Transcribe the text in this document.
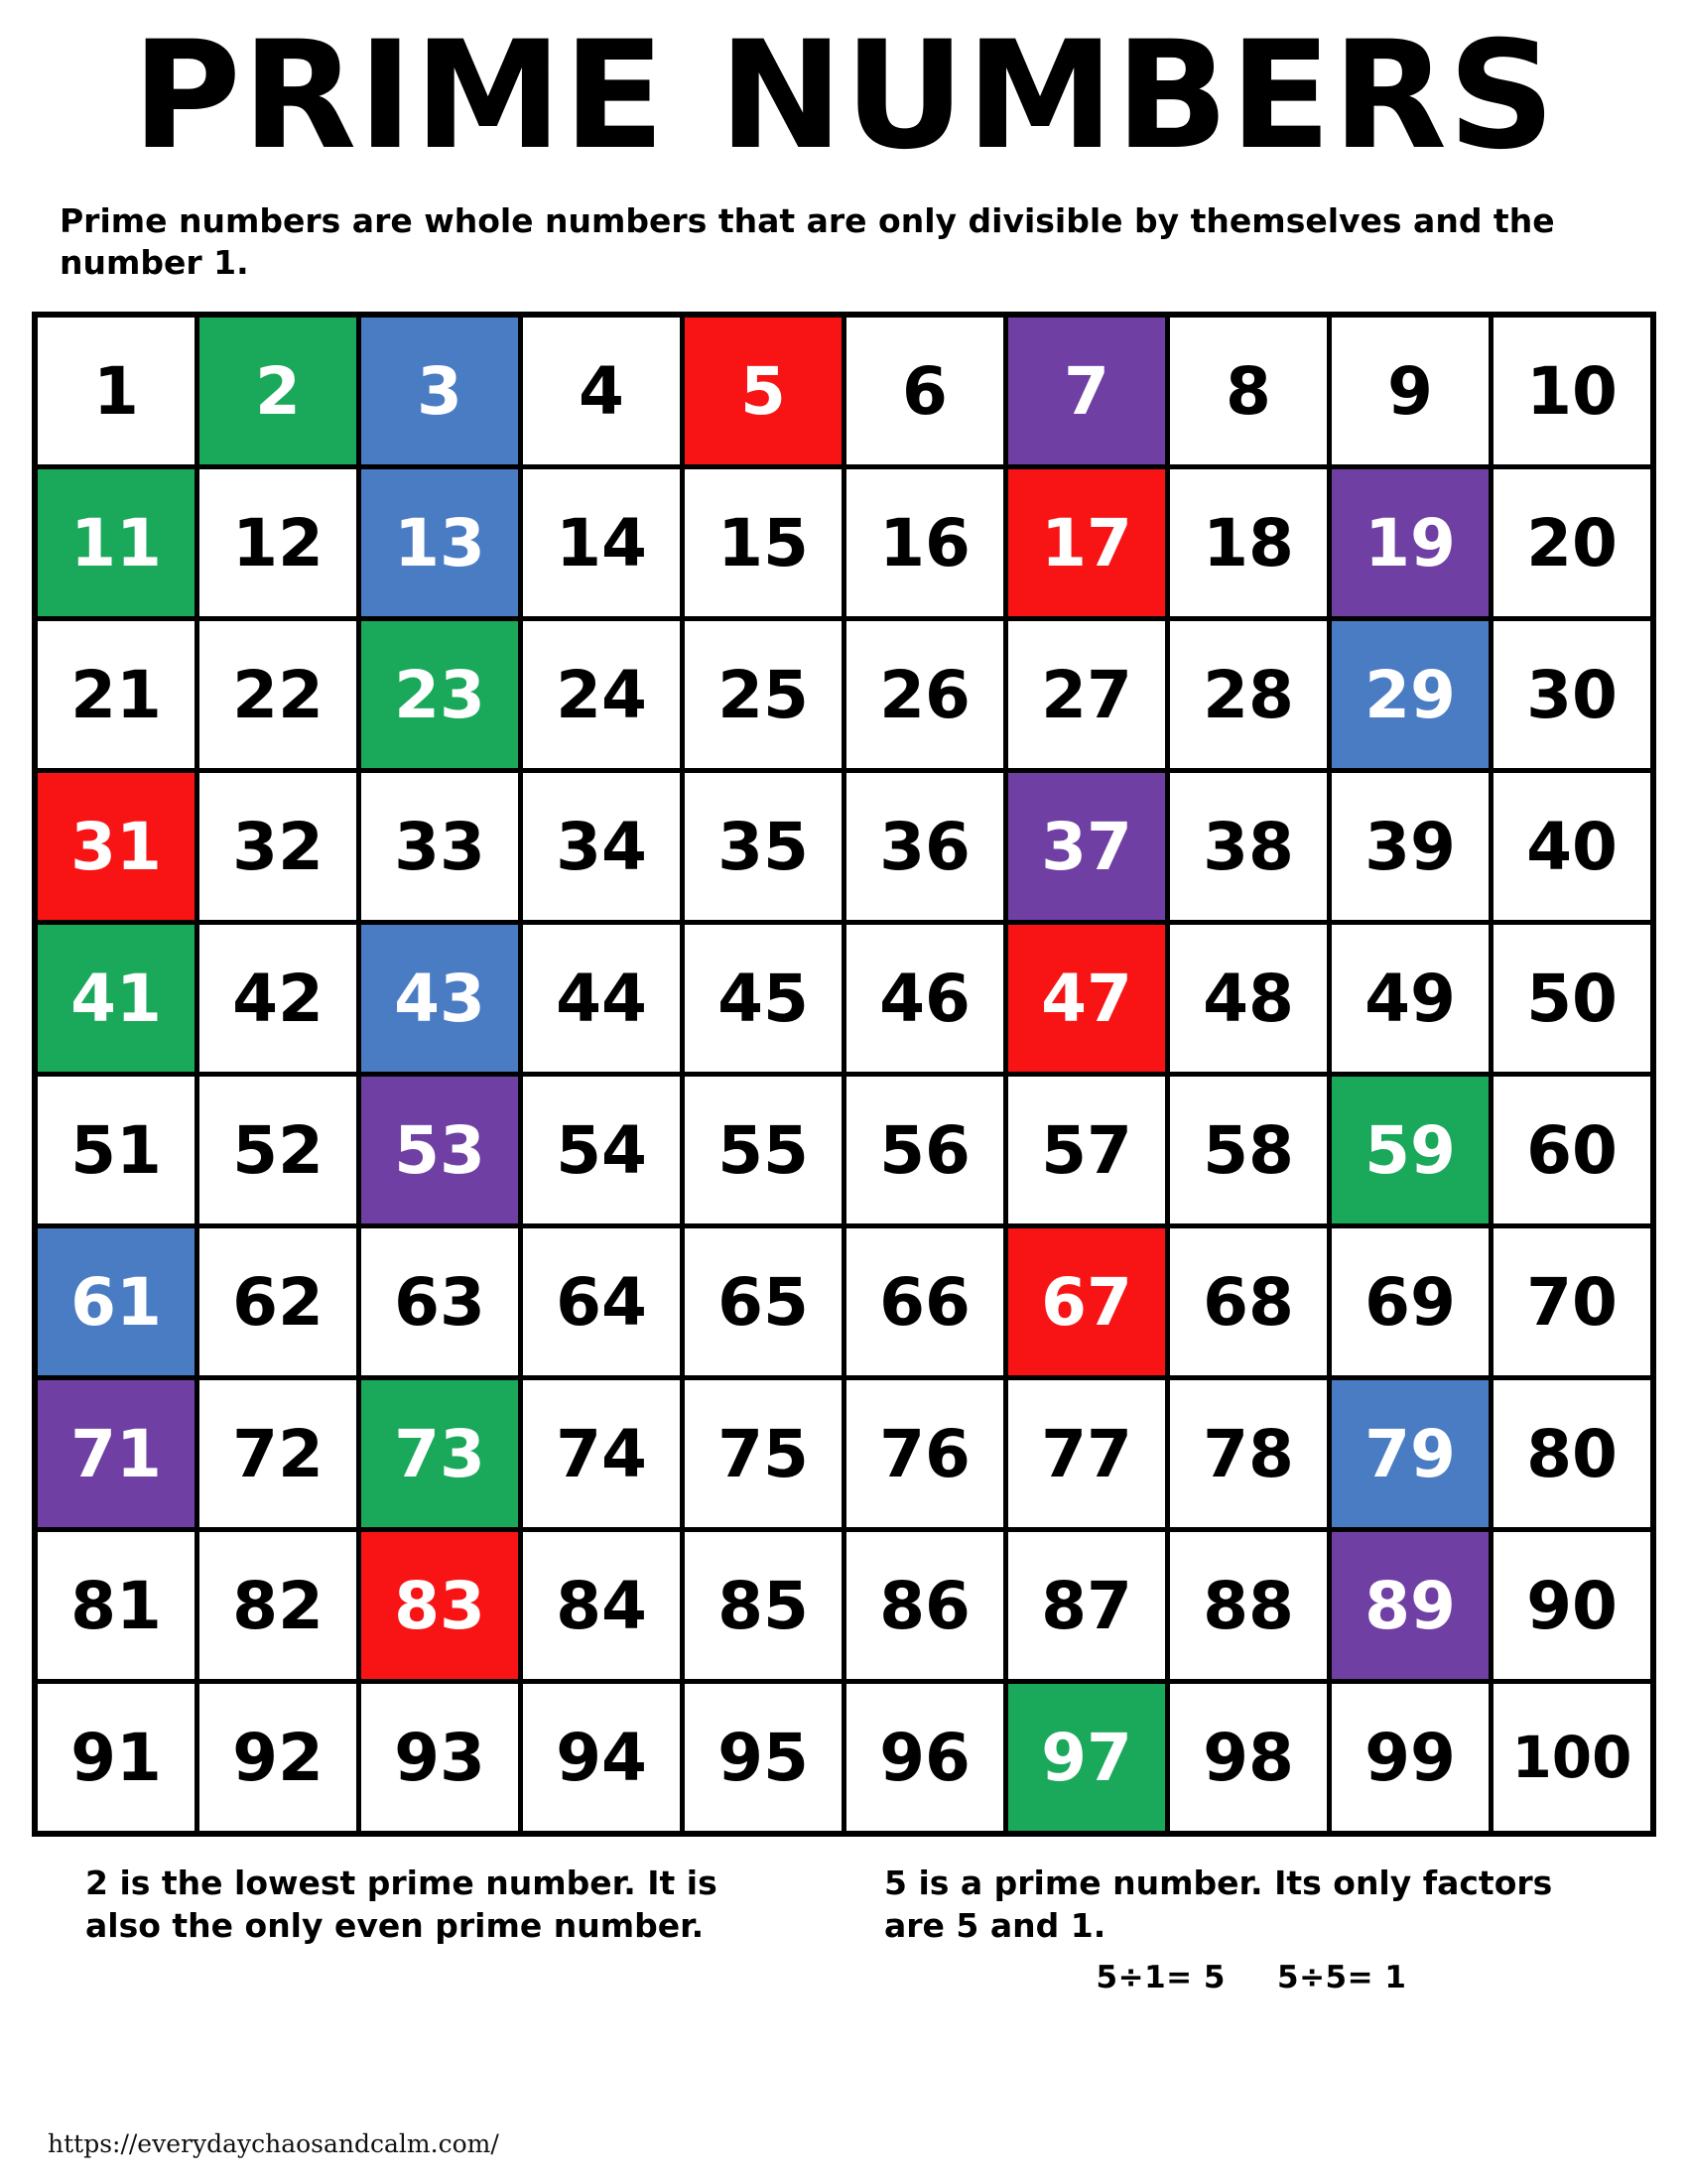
PRIME NUMBERS

Prime numbers are whole numbers that are only divisible by themselves and the number 1.

1	2	3	4	5	6	7	8	9	10
11	12	13	14	15	16	17	18	19	20
21	22	23	24	25	26	27	28	29	30
31	32	33	34	35	36	37	38	39	40
41	42	43	44	45	46	47	48	49	50
51	52	53	54	55	56	57	58	59	60
61	62	63	64	65	66	67	68	69	70
71	72	73	74	75	76	77	78	79	80
81	82	83	84	85	86	87	88	89	90
91	92	93	94	95	96	97	98	99	100
2 is the lowest prime number. It is also the only even prime number.
5 is a prime number. Its only factors are 5 and 1.
5÷1= 5 5÷5= 1
https://everydaychaosandcalm.com/
